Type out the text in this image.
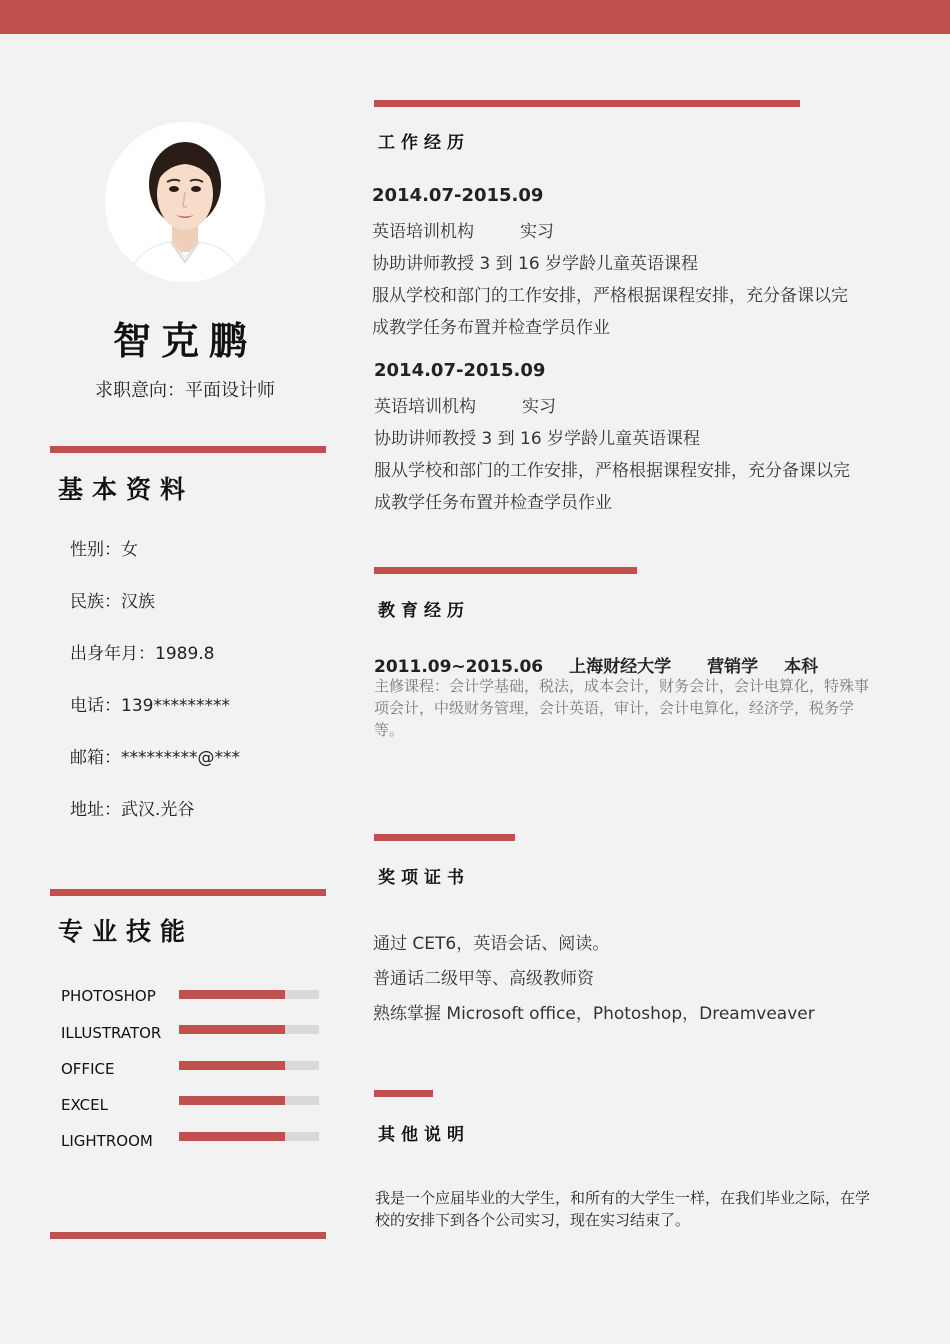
智克鹏
求职意向：平面设计师
基本资料
性别：女
民族：汉族
出身年月：1989.8
电话：139*********
邮箱：*********@***
地址：武汉.光谷
专业技能
PHOTOSHOP
ILLUSTRATOR
OFFICE
EXCEL
LIGHTROOM
工作经历
2014.07-2015.09
英语培训机构	实习
协助讲师教授 3 到 16 岁学龄儿童英语课程
服从学校和部门的工作安排，严格根据课程安排，充分备课以完
成教学任务布置并检查学员作业
2014.07-2015.09
英语培训机构	实习
协助讲师教授 3 到 16 岁学龄儿童英语课程
服从学校和部门的工作安排，严格根据课程安排，充分备课以完
成教学任务布置并检查学员作业
教育经历
2011.09~2015.06 上海财经大学 营销学 本科
主修课程：会计学基础，税法，成本会计，财务会计，会计电算化，特殊事项会计，中级财务管理，会计英语，审计，会计电算化，经济学，税务学等。
奖项证书
通过 CET6，英语会话、阅读。
普通话二级甲等、高级教师资
熟练掌握 Microsoft office，Photoshop，Dreamveaver
其他说明
我是一个应届毕业的大学生，和所有的大学生一样，在我们毕业之际，在学校的安排下到各个公司实习，现在实习结束了。
